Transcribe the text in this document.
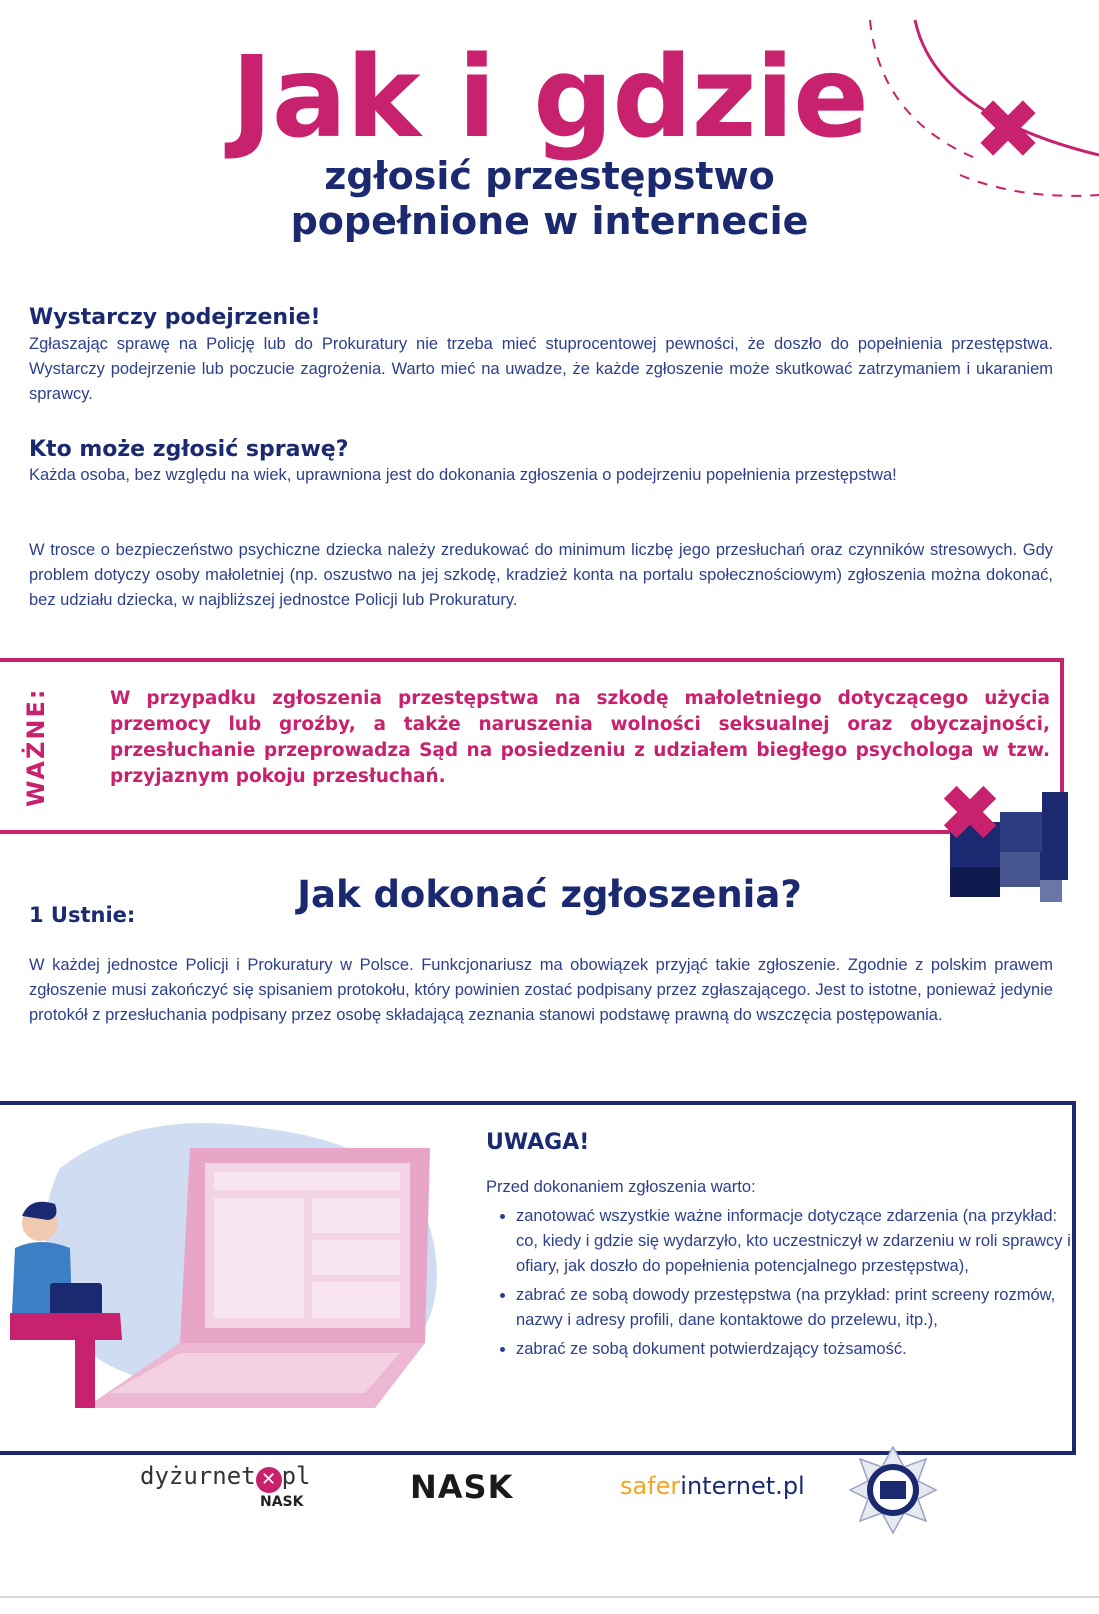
Jak i gdzie
zgłosić przestępstwo
popełnione w internecie
Wystarczy podejrzenie!
Zgłaszając sprawę na Policję lub do Prokuratury nie trzeba mieć stuprocentowej pewności, że doszło do popełnienia przestępstwa. Wystarczy podejrzenie lub poczucie zagrożenia. Warto mieć na uwadze, że każde zgłoszenie może skutkować zatrzymaniem i ukaraniem sprawcy.
Kto może zgłosić sprawę?
Każda osoba, bez względu na wiek, uprawniona jest do dokonania zgłoszenia o podejrzeniu popełnienia przestępstwa!
W trosce o bezpieczeństwo psychiczne dziecka należy zredukować do minimum liczbę jego przesłuchań oraz czynników stresowych. Gdy problem dotyczy osoby małoletniej (np. oszustwo na jej szkodę, kradzież konta na portalu społecznościowym) zgłoszenia można dokonać, bez udziału dziecka, w najbliższej jednostce Policji lub Prokuratury.
WAŻNE:	W przypadku zgłoszenia przestępstwa na szkodę małoletniego dotyczącego użycia przemocy lub groźby, a także naruszenia wolności seksualnej oraz obyczajności, przesłuchanie przeprowadza Sąd na posiedzeniu z udziałem biegłego psychologa w tzw. przyjaznym pokoju przesłuchań.
Jak dokonać zgłoszenia?
1 Ustnie:
W każdej jednostce Policji i Prokuratury w Polsce. Funkcjonariusz ma obowiązek przyjąć takie zgłoszenie. Zgodnie z polskim prawem zgłoszenie musi zakończyć się spisaniem protokołu, który powinien zostać podpisany przez zgłaszającego. Jest to istotne, ponieważ jedynie protokół z przesłuchania podpisany przez osobę składającą zeznania stanowi podstawę prawną do wszczęcia postępowania.
UWAGA!
Przed dokonaniem zgłoszenia warto:
• zanotować wszystkie ważne informacje dotyczące zdarzenia (na przykład: co, kiedy i gdzie się wydarzyło, kto uczestniczył w zdarzeniu w roli sprawcy i ofiary, jak doszło do popełnienia potencjalnego przestępstwa),
• zabrać ze sobą dowody przestępstwa (na przykład: print screeny rozmów, nazwy i adresy profili, dane kontaktowe do przelewu, itp.),
• zabrać ze sobą dokument potwierdzający tożsamość.
dyżurnet ✕ pl
NASK	NASK	saferinternet.pl
